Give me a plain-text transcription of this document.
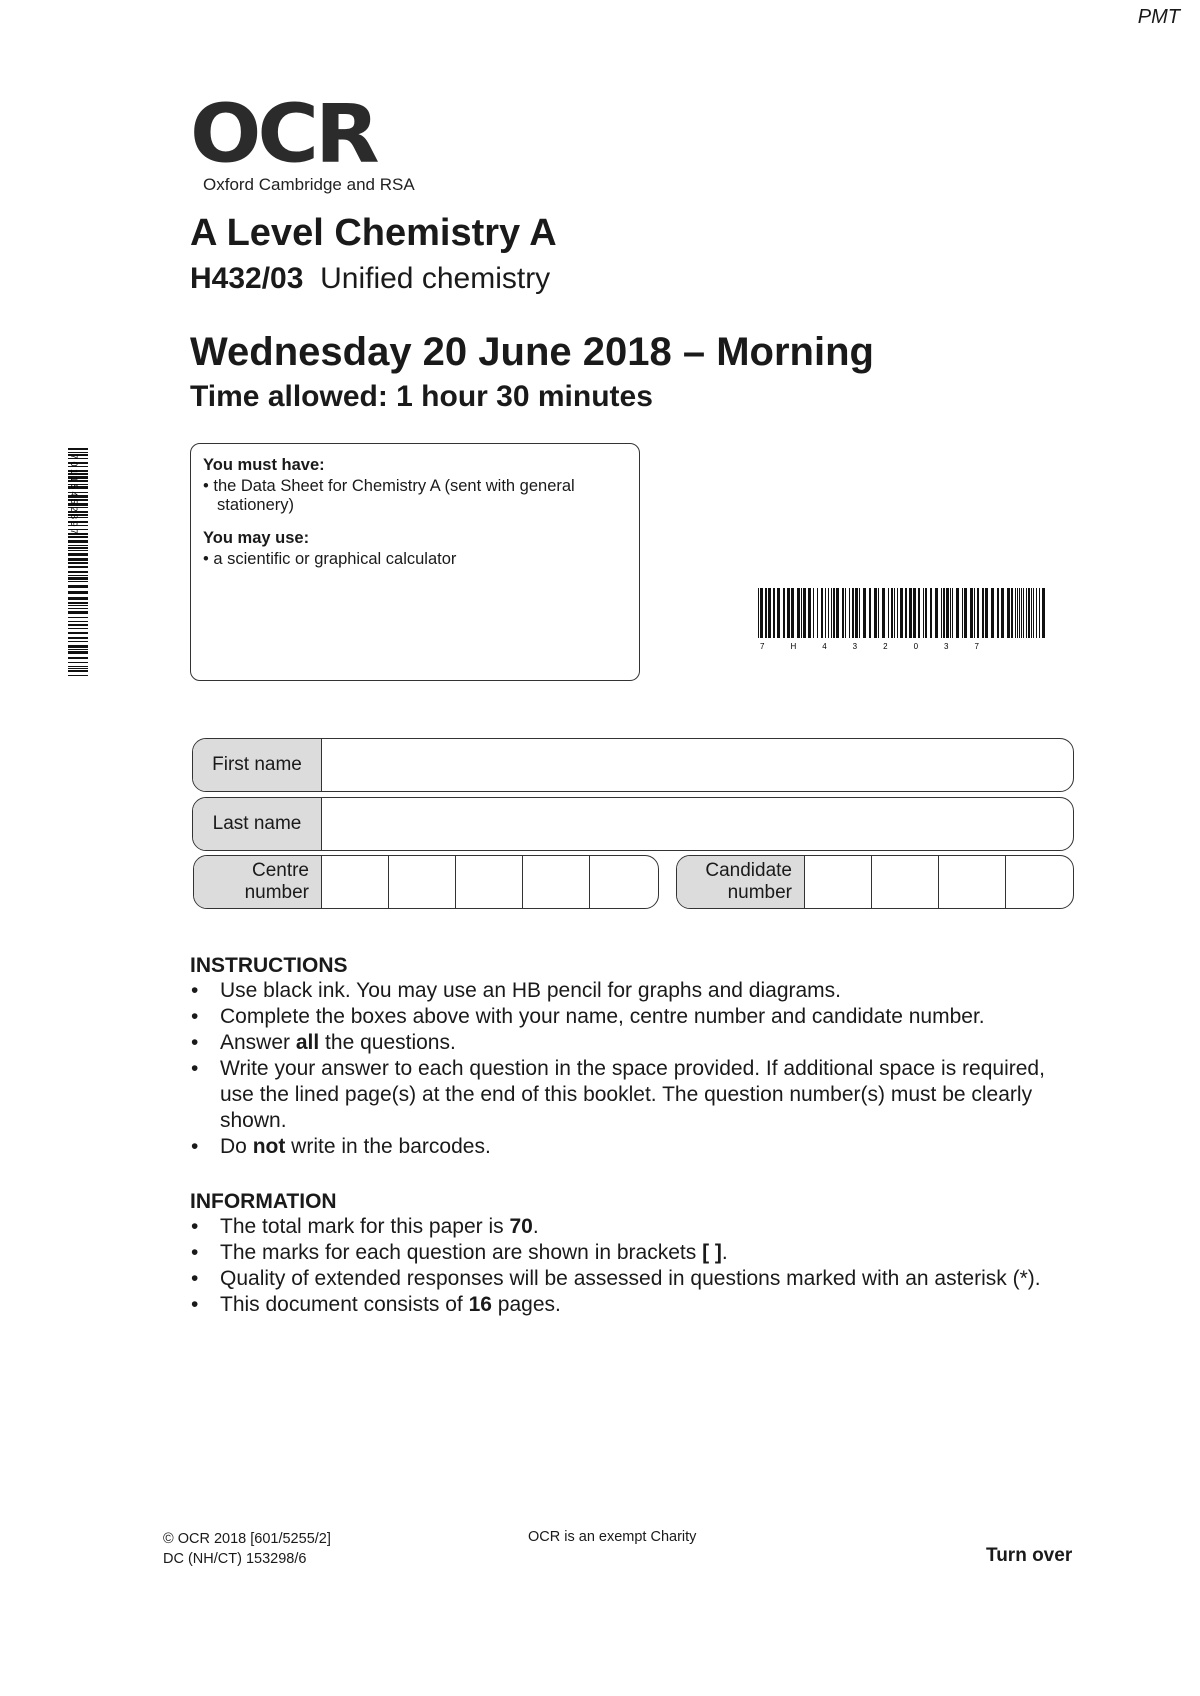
PMT
OCR
Oxford Cambridge and RSA
A Level Chemistry A
H432/03 Unified chemistry
Wednesday 20 June 2018 – Morning
Time allowed: 1 hour 30 minutes

You must have:

• the Data Sheet for Chemistry A (sent with general stationery)

You may use:

• a scientific or graphical calculator

7 0 1 1 5 4 5 2 8 9 7
7H432037
First name
Last name
Centre
number
Candidate
number
INSTRUCTIONS
• Use black ink. You may use an HB pencil for graphs and diagrams.
• Complete the boxes above with your name, centre number and candidate number.
• Answer all the questions.
• Write your answer to each question in the space provided. If additional space is required, use the lined page(s) at the end of this booklet. The question number(s) must be clearly shown.
• Do not write in the barcodes.
INFORMATION
• The total mark for this paper is 70.
• The marks for each question are shown in brackets [ ].
• Quality of extended responses will be assessed in questions marked with an asterisk (*).
• This document consists of 16 pages.
© OCR 2018 [601/5255/2]
DC (NH/CT) 153298/6
OCR is an exempt Charity
Turn over
